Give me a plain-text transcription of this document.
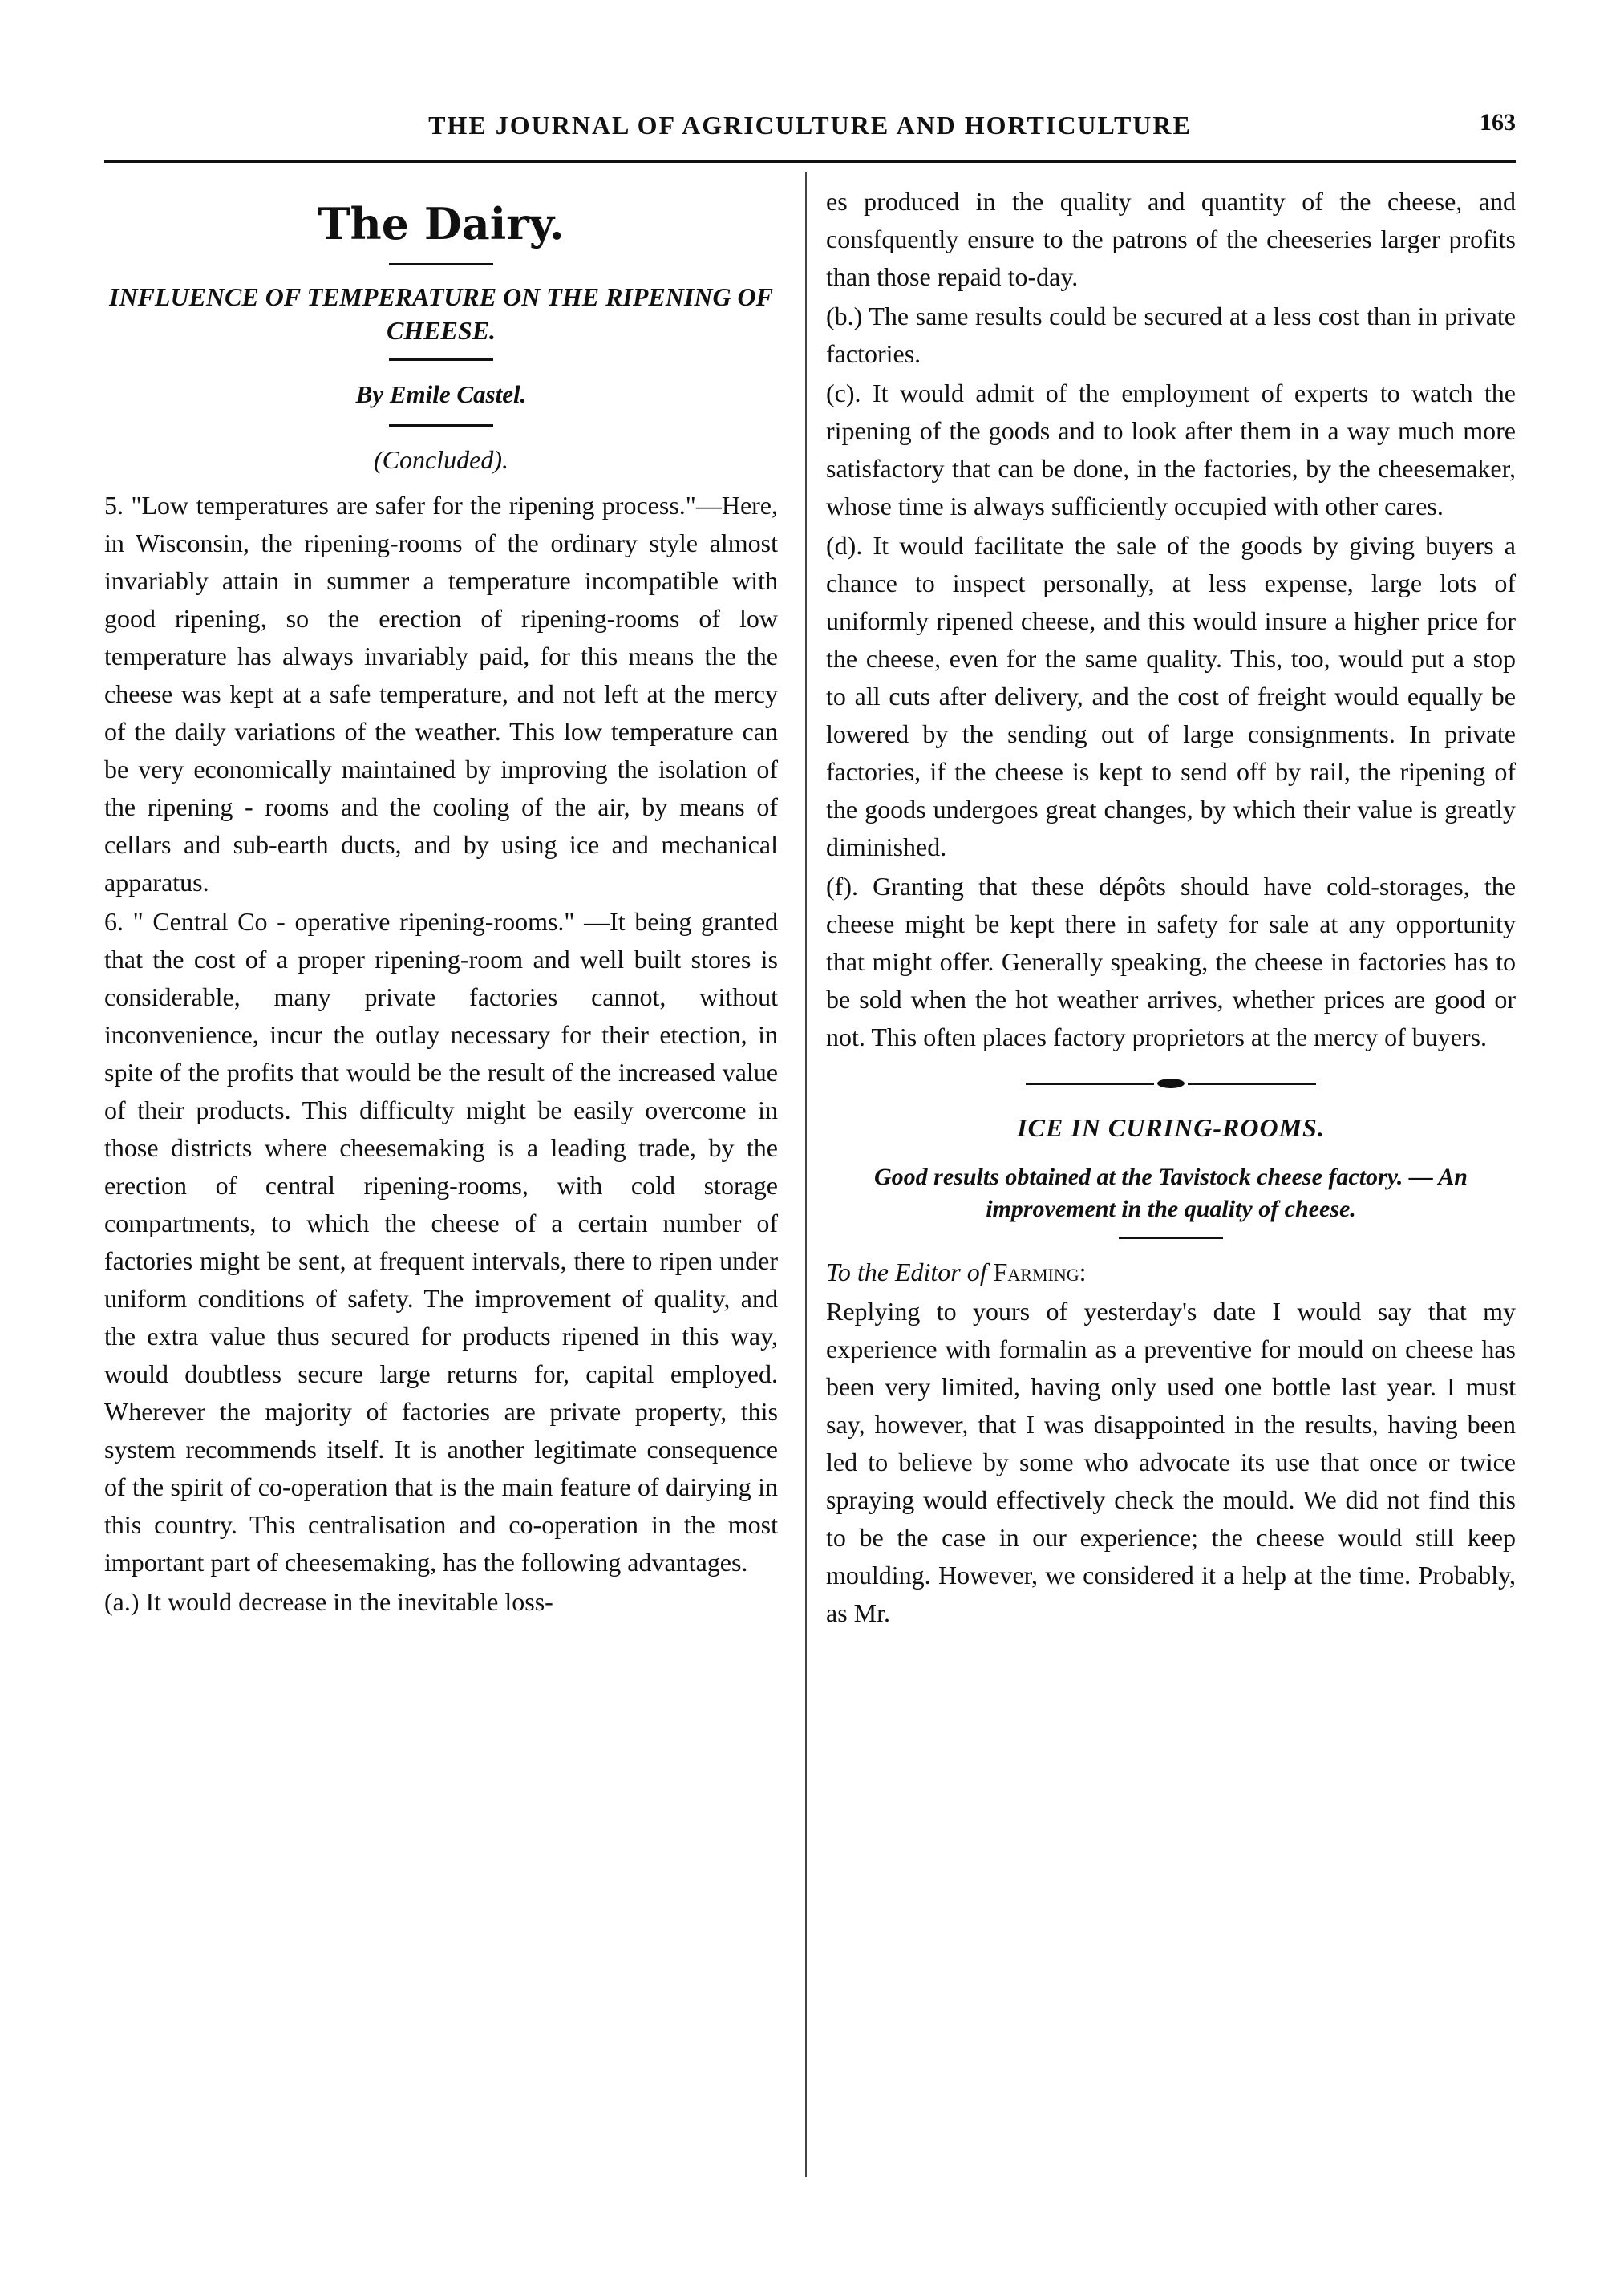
THE JOURNAL OF AGRICULTURE AND HORTICULTURE	163
The Dairy.
INFLUENCE OF TEMPERATURE ON THE RIPENING OF CHEESE.
By Emile Castel.
(Concluded).

5. "Low temperatures are safer for the ripening process."—Here, in Wisconsin, the ripening-rooms of the ordinary style almost invariably attain in summer a temperature incompatible with good ripening, so the erection of ripening-rooms of low temperature has always invariably paid, for this means the the cheese was kept at a safe temperature, and not left at the mercy of the daily variations of the weather. This low temperature can be very economically maintained by improving the isolation of the ripening - rooms and the cooling of the air, by means of cellars and sub-earth ducts, and by using ice and mechanical apparatus.

6. " Central Co - operative ripening-rooms." —It being granted that the cost of a proper ripening-room and well built stores is considerable, many private factories cannot, without inconvenience, incur the outlay necessary for their etection, in spite of the profits that would be the result of the increased value of their products. This difficulty might be easily overcome in those districts where cheesemaking is a leading trade, by the erection of central ripening-rooms, with cold storage compartments, to which the cheese of a certain number of factories might be sent, at frequent intervals, there to ripen under uniform conditions of safety. The improvement of quality, and the extra value thus secured for products ripened in this way, would doubtless secure large returns for, capital employed. Wherever the majority of factories are private property, this system recommends itself. It is another legitimate consequence of the spirit of co-operation that is the main feature of dairying in this country. This centralisation and co-operation in the most important part of cheesemaking, has the following advantages.

(a.) It would decrease in the inevitable loss-

es produced in the quality and quantity of the cheese, and consfquently ensure to the patrons of the cheeseries larger profits than those repaid to-day.

(b.) The same results could be secured at a less cost than in private factories.

(c). It would admit of the employment of experts to watch the ripening of the goods and to look after them in a way much more satisfactory that can be done, in the factories, by the cheesemaker, whose time is always sufficiently occupied with other cares.

(d). It would facilitate the sale of the goods by giving buyers a chance to inspect personally, at less expense, large lots of uniformly ripened cheese, and this would insure a higher price for the cheese, even for the same quality. This, too, would put a stop to all cuts after delivery, and the cost of freight would equally be lowered by the sending out of large consignments. In private factories, if the cheese is kept to send off by rail, the ripening of the goods undergoes great changes, by which their value is greatly diminished.

(f). Granting that these dépôts should have cold-storages, the cheese might be kept there in safety for sale at any opportunity that might offer. Generally speaking, the cheese in factories has to be sold when the hot weather arrives, whether prices are good or not. This often places factory proprietors at the mercy of buyers.

ICE IN CURING-ROOMS.
Good results obtained at the Tavistock cheese factory. — An improvement in the quality of cheese.

To the Editor of Farming:

Replying to yours of yesterday's date I would say that my experience with formalin as a preventive for mould on cheese has been very limited, having only used one bottle last year. I must say, however, that I was disappointed in the results, having been led to believe by some who advocate its use that once or twice spraying would effectively check the mould. We did not find this to be the case in our experience; the cheese would still keep moulding. However, we considered it a help at the time. Probably, as Mr.
